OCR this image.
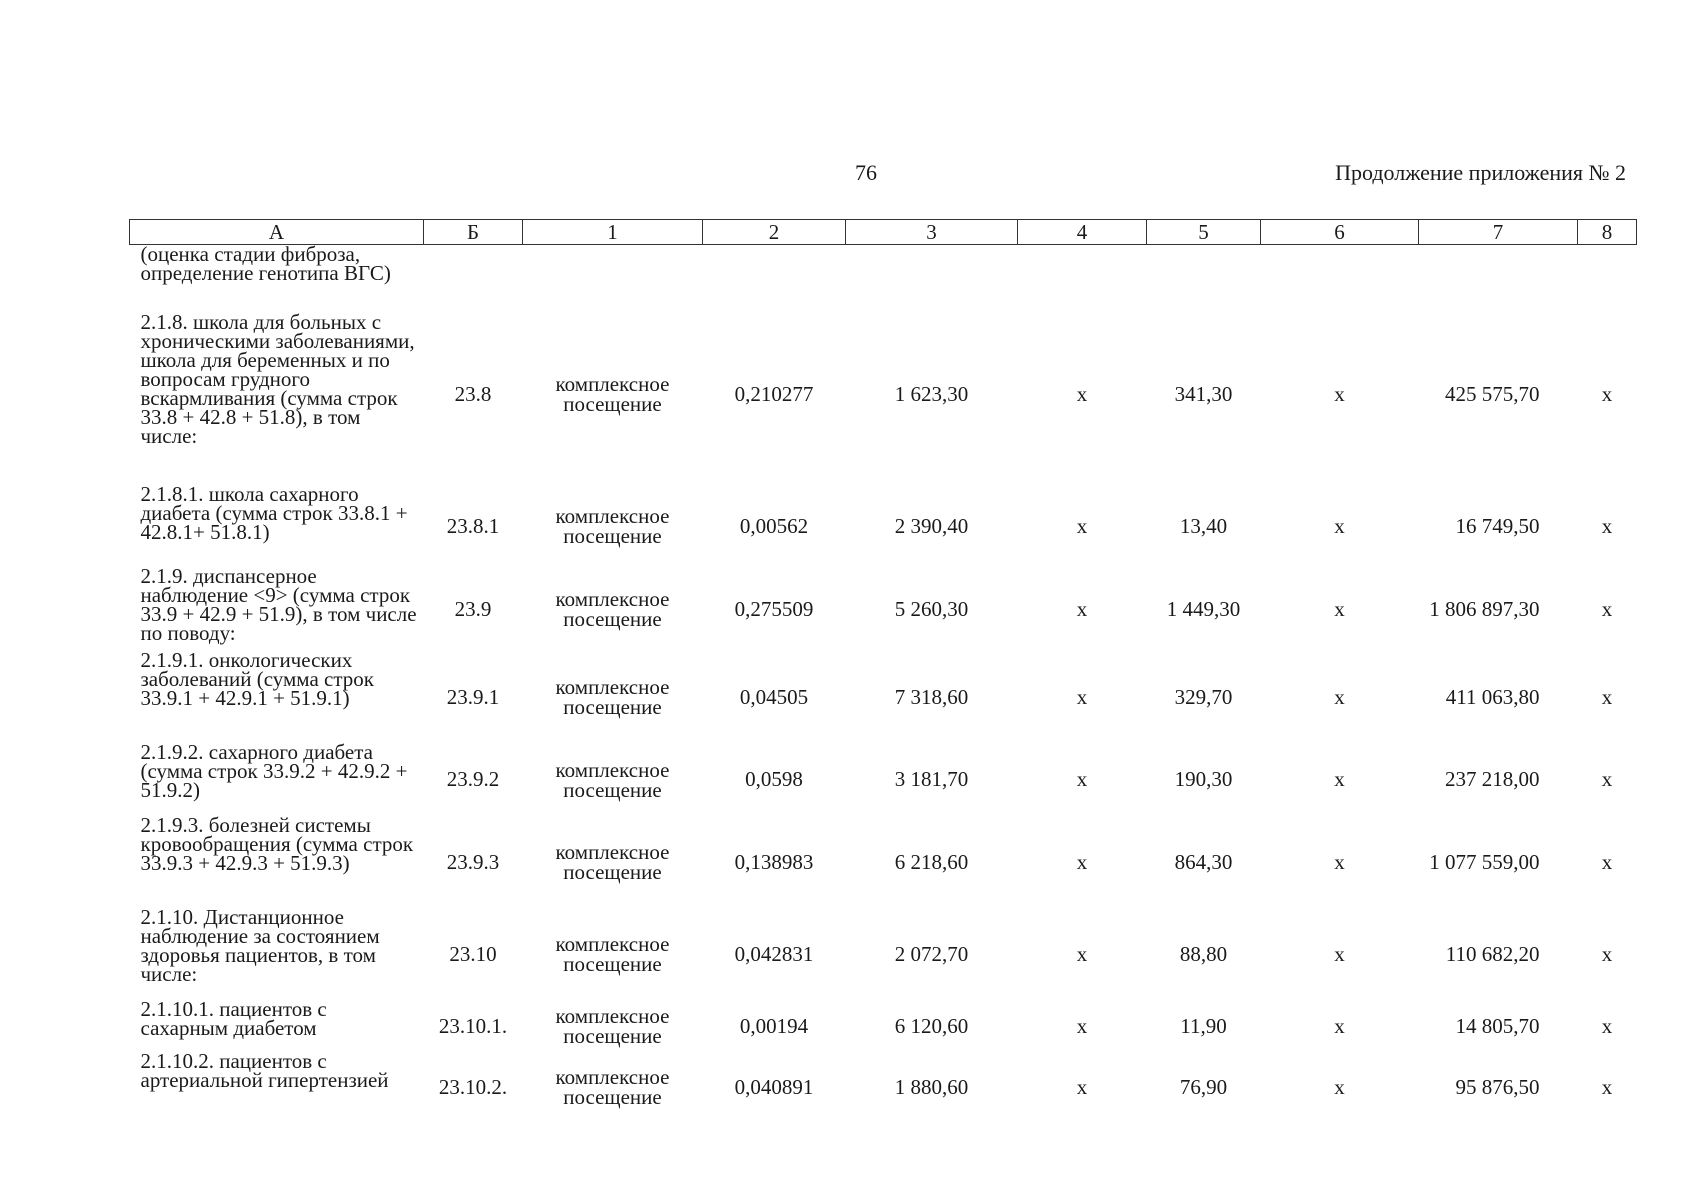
76	Продолжение приложения № 2
А	Б	1	2	3	4	5	6	7	8
(оценка стадии фиброза, определение генотипа ВГС)									
2.1.8. школа для больных с хроническими заболеваниями, школа для беременных и по вопросам грудного вскармливания (сумма строк 33.8 + 42.8 + 51.8), в том числе:	23.8	комплексное посещение	0,210277	1 623,30	х	341,30	х	425 575,70	х
2.1.8.1. школа сахарного диабета (сумма строк 33.8.1 + 42.8.1+ 51.8.1)	23.8.1	комплексное посещение	0,00562	2 390,40	х	13,40	х	16 749,50	х
2.1.9. диспансерное наблюдение <9> (сумма строк 33.9 + 42.9 + 51.9), в том числе по поводу:	23.9	комплексное посещение	0,275509	5 260,30	х	1 449,30	х	1 806 897,30	х
2.1.9.1. онкологических заболеваний (сумма строк 33.9.1 + 42.9.1 + 51.9.1)	23.9.1	комплексное посещение	0,04505	7 318,60	х	329,70	х	411 063,80	х
2.1.9.2. сахарного диабета (сумма строк 33.9.2 + 42.9.2 + 51.9.2)	23.9.2	комплексное посещение	0,0598	3 181,70	х	190,30	х	237 218,00	х
2.1.9.3. болезней системы кровообращения (сумма строк 33.9.3 + 42.9.3 + 51.9.3)	23.9.3	комплексное посещение	0,138983	6 218,60	х	864,30	х	1 077 559,00	х
2.1.10. Дистанционное наблюдение за состоянием здоровья пациентов, в том числе:	23.10	комплексное посещение	0,042831	2 072,70	х	88,80	х	110 682,20	х
2.1.10.1. пациентов с сахарным диабетом	23.10.1.	комплексное посещение	0,00194	6 120,60	х	11,90	х	14 805,70	х
2.1.10.2. пациентов с артериальной гипертензией	23.10.2.	комплексное посещение	0,040891	1 880,60	х	76,90	х	95 876,50	х
